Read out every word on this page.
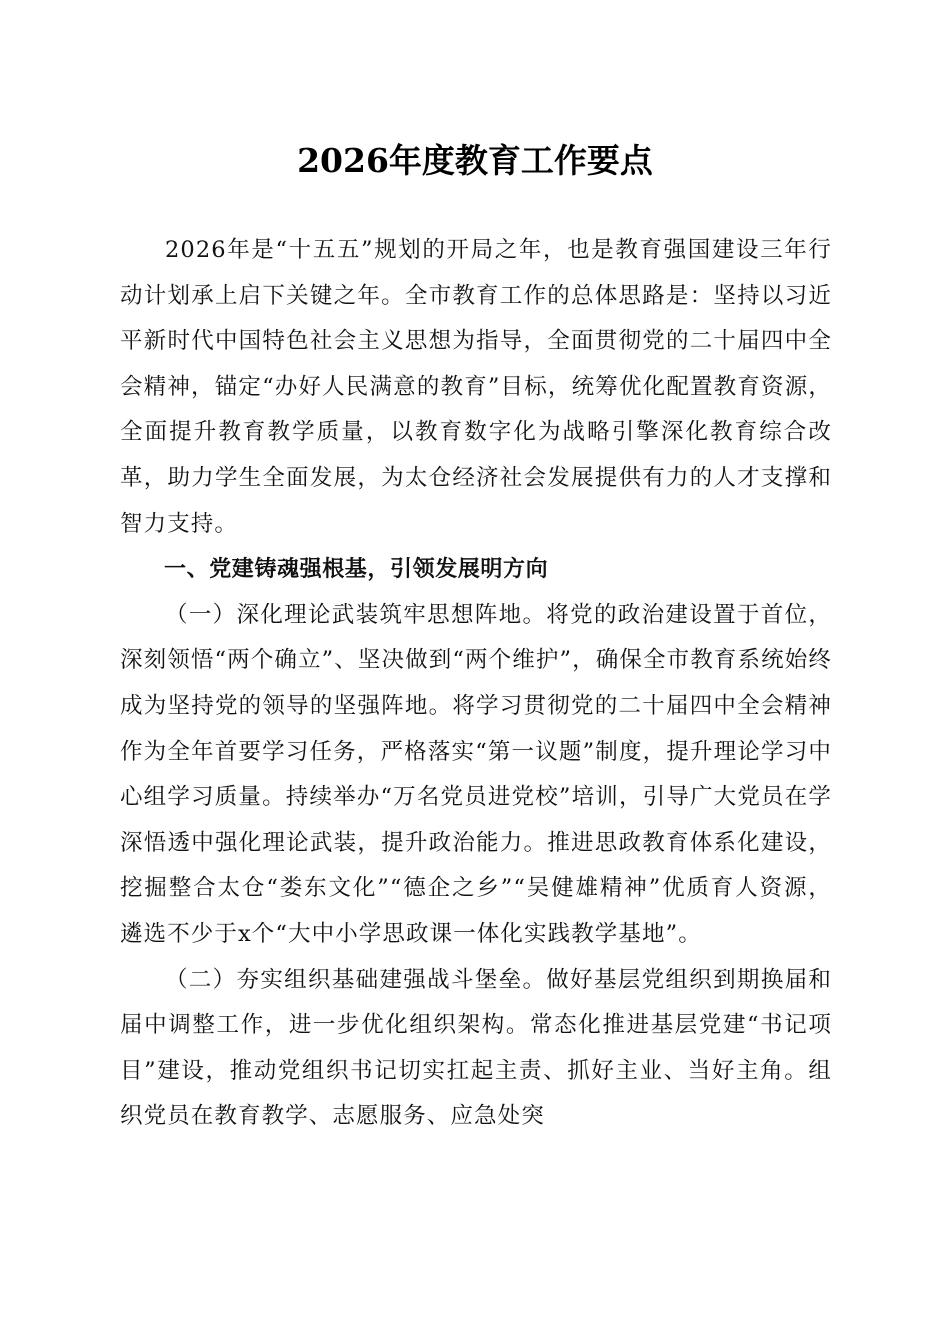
2026年度教育工作要点

2026年是“十五五”规划的开局之年，也是教育强国建设三年行动计划承上启下关键之年。全市教育工作的总体思路是：坚持以习近平新时代中国特色社会主义思想为指导，全面贯彻党的二十届四中全会精神，锚定“办好人民满意的教育”目标，统筹优化配置教育资源，全面提升教育教学质量，以教育数字化为战略引擎深化教育综合改革，助力学生全面发展，为太仓经济社会发展提供有力的人才支撑和智力支持。

一、党建铸魂强根基，引领发展明方向

（一）深化理论武装筑牢思想阵地。将党的政治建设置于首位，深刻领悟“两个确立”、坚决做到“两个维护”，确保全市教育系统始终成为坚持党的领导的坚强阵地。将学习贯彻党的二十届四中全会精神作为全年首要学习任务，严格落实“第一议题”制度，提升理论学习中心组学习质量。持续举办“万名党员进党校”培训，引导广大党员在学深悟透中强化理论武装，提升政治能力。推进思政教育体系化建设，挖掘整合太仓“娄东文化”“德企之乡”“吴健雄精神”优质育人资源，遴选不少于x个“大中小学思政课一体化实践教学基地”。

（二）夯实组织基础建强战斗堡垒。做好基层党组织到期换届和届中调整工作，进一步优化组织架构。常态化推进基层党建“书记项目”建设，推动党组织书记切实扛起主责、抓好主业、当好主角。组织党员在教育教学、志愿服务、应急处突
